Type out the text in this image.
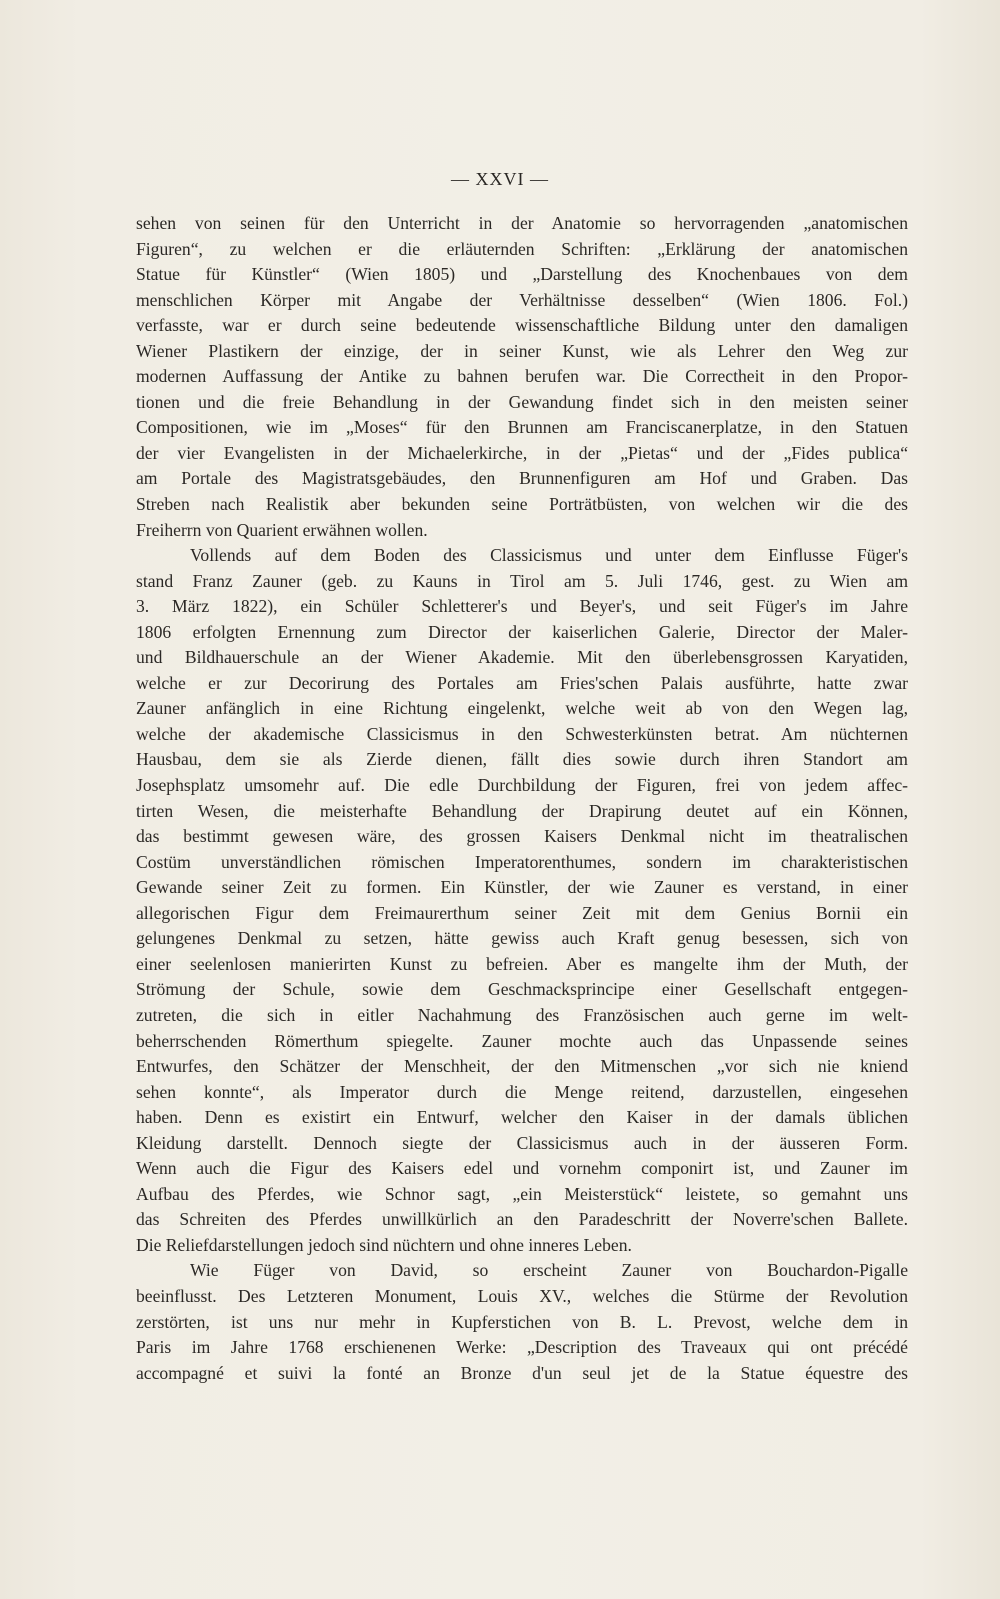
— XXVI —
sehen von seinen für den Unterricht in der Anatomie so hervorragenden „anatomischen
Figuren“, zu welchen er die erläuternden Schriften: „Erklärung der anatomischen
Statue für Künstler“ (Wien 1805) und „Darstellung des Knochenbaues von dem
menschlichen Körper mit Angabe der Verhältnisse desselben“ (Wien 1806. Fol.)
verfasste, war er durch seine bedeutende wissenschaftliche Bildung unter den damaligen
Wiener Plastikern der einzige, der in seiner Kunst, wie als Lehrer den Weg zur
modernen Auffassung der Antike zu bahnen berufen war. Die Correctheit in den Propor-
tionen und die freie Behandlung in der Gewandung findet sich in den meisten seiner
Compositionen, wie im „Moses“ für den Brunnen am Franciscanerplatze, in den Statuen
der vier Evangelisten in der Michaelerkirche, in der „Pietas“ und der „Fides publica“
am Portale des Magistratsgebäudes, den Brunnenfiguren am Hof und Graben. Das
Streben nach Realistik aber bekunden seine Porträtbüsten, von welchen wir die des
Freiherrn von Quarient erwähnen wollen.
Vollends auf dem Boden des Classicismus und unter dem Einflusse Füger's
stand Franz Zauner (geb. zu Kauns in Tirol am 5. Juli 1746, gest. zu Wien am
3. März 1822), ein Schüler Schletterer's und Beyer's, und seit Füger's im Jahre
1806 erfolgten Ernennung zum Director der kaiserlichen Galerie, Director der Maler-
und Bildhauerschule an der Wiener Akademie. Mit den überlebensgrossen Karyatiden,
welche er zur Decorirung des Portales am Fries'schen Palais ausführte, hatte zwar
Zauner anfänglich in eine Richtung eingelenkt, welche weit ab von den Wegen lag,
welche der akademische Classicismus in den Schwesterkünsten betrat. Am nüchternen
Hausbau, dem sie als Zierde dienen, fällt dies sowie durch ihren Standort am
Josephsplatz umsomehr auf. Die edle Durchbildung der Figuren, frei von jedem affec-
tirten Wesen, die meisterhafte Behandlung der Drapirung deutet auf ein Können,
das bestimmt gewesen wäre, des grossen Kaisers Denkmal nicht im theatralischen
Costüm unverständlichen römischen Imperatorenthumes, sondern im charakteristischen
Gewande seiner Zeit zu formen. Ein Künstler, der wie Zauner es verstand, in einer
allegorischen Figur dem Freimaurerthum seiner Zeit mit dem Genius Bornii ein
gelungenes Denkmal zu setzen, hätte gewiss auch Kraft genug besessen, sich von
einer seelenlosen manierirten Kunst zu befreien. Aber es mangelte ihm der Muth, der
Strömung der Schule, sowie dem Geschmacksprincipe einer Gesellschaft entgegen-
zutreten, die sich in eitler Nachahmung des Französischen auch gerne im welt-
beherrschenden Römerthum spiegelte. Zauner mochte auch das Unpassende seines
Entwurfes, den Schätzer der Menschheit, der den Mitmenschen „vor sich nie kniend
sehen konnte“, als Imperator durch die Menge reitend, darzustellen, eingesehen
haben. Denn es existirt ein Entwurf, welcher den Kaiser in der damals üblichen
Kleidung darstellt. Dennoch siegte der Classicismus auch in der äusseren Form.
Wenn auch die Figur des Kaisers edel und vornehm componirt ist, und Zauner im
Aufbau des Pferdes, wie Schnor sagt, „ein Meisterstück“ leistete, so gemahnt uns
das Schreiten des Pferdes unwillkürlich an den Paradeschritt der Noverre'schen Ballete.
Die Reliefdarstellungen jedoch sind nüchtern und ohne inneres Leben.
Wie Füger von David, so erscheint Zauner von Bouchardon-Pigalle
beeinflusst. Des Letzteren Monument, Louis XV., welches die Stürme der Revolution
zerstörten, ist uns nur mehr in Kupferstichen von B. L. Prevost, welche dem in
Paris im Jahre 1768 erschienenen Werke: „Description des Traveaux qui ont précédé
accompagné et suivi la fonté an Bronze d'un seul jet de la Statue équestre des
